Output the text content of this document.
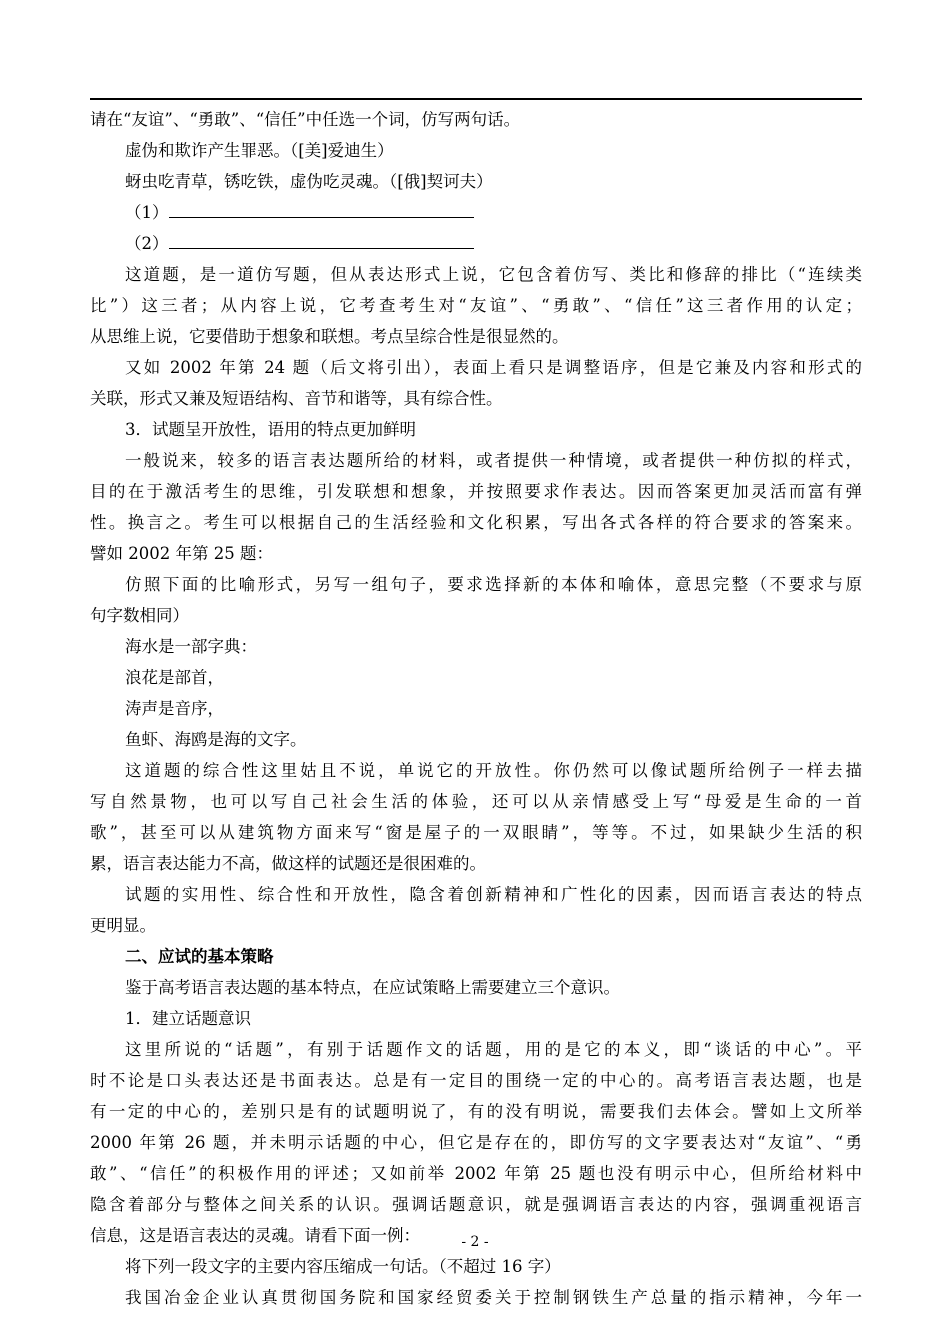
请在“友谊”、“勇敢”、“信任”中任选一个词，仿写两句话。
虚伪和欺诈产生罪恶。（[美]爱迪生）
蚜虫吃青草，锈吃铁，虚伪吃灵魂。（[俄]契诃夫）
（1）
（2）
这道题，是一道仿写题，但从表达形式上说，它包含着仿写、类比和修辞的排比（“连续类
比”）这三者；从内容上说，它考查考生对“友谊”、“勇敢”、“信任”这三者作用的认定；
从思维上说，它要借助于想象和联想。考点呈综合性是很显然的。
又如 2002 年第 24 题（后文将引出），表面上看只是调整语序，但是它兼及内容和形式的
关联，形式又兼及短语结构、音节和谐等，具有综合性。
3．试题呈开放性，语用的特点更加鲜明
一般说来，较多的语言表达题所给的材料，或者提供一种情境，或者提供一种仿拟的样式，
目的在于激活考生的思维，引发联想和想象，并按照要求作表达。因而答案更加灵活而富有弹
性。换言之。考生可以根据自己的生活经验和文化积累，写出各式各样的符合要求的答案来。
譬如 2002 年第 25 题：
仿照下面的比喻形式，另写一组句子，要求选择新的本体和喻体，意思完整（不要求与原
句字数相同）
海水是一部字典：
浪花是部首，
涛声是音序，
鱼虾、海鸥是海的文字。
这道题的综合性这里姑且不说，单说它的开放性。你仍然可以像试题所给例子一样去描
写自然景物，也可以写自己社会生活的体验，还可以从亲情感受上写“母爱是生命的一首
歌”，甚至可以从建筑物方面来写“窗是屋子的一双眼睛”，等等。不过，如果缺少生活的积
累，语言表达能力不高，做这样的试题还是很困难的。
试题的实用性、综合性和开放性，隐含着创新精神和广性化的因素，因而语言表达的特点
更明显。
二、应试的基本策略
鉴于高考语言表达题的基本特点，在应试策略上需要建立三个意识。
1．建立话题意识
这里所说的“话题”，有别于话题作文的话题，用的是它的本义，即“谈话的中心”。平
时不论是口头表达还是书面表达。总是有一定目的围绕一定的中心的。高考语言表达题，也是
有一定的中心的，差别只是有的试题明说了，有的没有明说，需要我们去体会。譬如上文所举
2000 年第 26 题，并未明示话题的中心，但它是存在的，即仿写的文字要表达对“友谊”、“勇
敢”、“信任”的积极作用的评述；又如前举 2002 年第 25 题也没有明示中心，但所给材料中
隐含着部分与整体之间关系的认识。强调话题意识，就是强调语言表达的内容，强调重视语言
信息，这是语言表达的灵魂。请看下面一例：
将下列一段文字的主要内容压缩成一句话。（不超过 16 字）
我国冶金企业认真贯彻国务院和国家经贸委关于控制钢铁生产总量的指示精神，今年一
- 2 -
